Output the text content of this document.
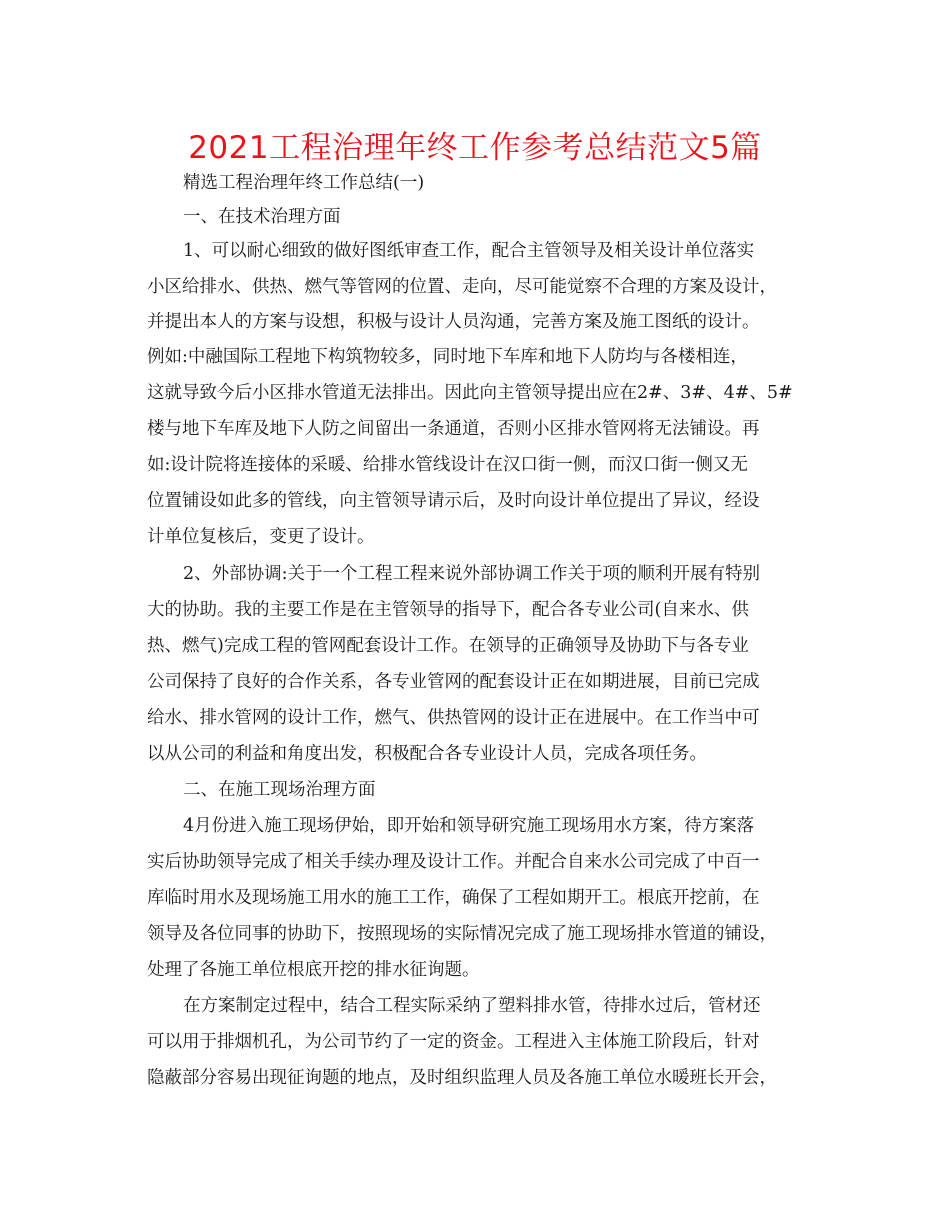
2021工程治理年终工作参考总结范文5篇
精选工程治理年终工作总结(一)
一、在技术治理方面
1、可以耐心细致的做好图纸审查工作，配合主管领导及相关设计单位落实
小区给排水、供热、燃气等管网的位置、走向，尽可能觉察不合理的方案及设计，
并提出本人的方案与设想，积极与设计人员沟通，完善方案及施工图纸的设计。
例如:中融国际工程地下构筑物较多，同时地下车库和地下人防均与各楼相连，
这就导致今后小区排水管道无法排出。因此向主管领导提出应在2#、3#、4#、5#
楼与地下车库及地下人防之间留出一条通道，否则小区排水管网将无法铺设。再
如:设计院将连接体的采暖、给排水管线设计在汉口街一侧，而汉口街一侧又无
位置铺设如此多的管线，向主管领导请示后，及时向设计单位提出了异议，经设
计单位复核后，变更了设计。
2、外部协调:关于一个工程工程来说外部协调工作关于项的顺利开展有特别
大的协助。我的主要工作是在主管领导的指导下，配合各专业公司(自来水、供
热、燃气)完成工程的管网配套设计工作。在领导的正确领导及协助下与各专业
公司保持了良好的合作关系，各专业管网的配套设计正在如期进展，目前已完成
给水、排水管网的设计工作，燃气、供热管网的设计正在进展中。在工作当中可
以从公司的利益和角度出发，积极配合各专业设计人员，完成各项任务。
二、在施工现场治理方面
4月份进入施工现场伊始，即开始和领导研究施工现场用水方案，待方案落
实后协助领导完成了相关手续办理及设计工作。并配合自来水公司完成了中百一
库临时用水及现场施工用水的施工工作，确保了工程如期开工。根底开挖前，在
领导及各位同事的协助下，按照现场的实际情况完成了施工现场排水管道的铺设，
处理了各施工单位根底开挖的排水征询题。
在方案制定过程中，结合工程实际采纳了塑料排水管，待排水过后，管材还
可以用于排烟机孔，为公司节约了一定的资金。工程进入主体施工阶段后，针对
隐蔽部分容易出现征询题的地点，及时组织监理人员及各施工单位水暖班长开会，
